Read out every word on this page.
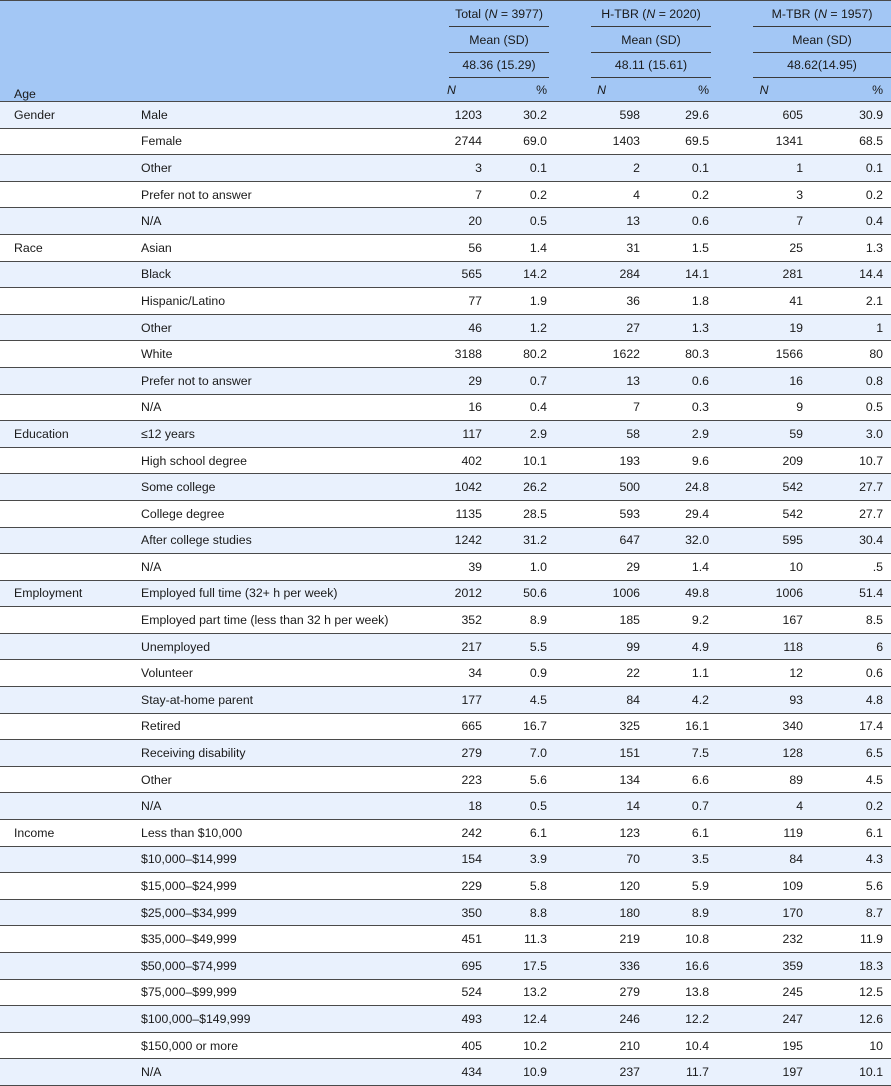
		Total (N = 3977)		H-TBR (N = 2020)		M-TBR (N = 1957)	

		Mean (SD)		Mean (SD)		Mean (SD)	

		48.36 (15.29)		48.11 (15.61)		48.62(14.95)	

Age		N	%	N	%	N	%
Gender	Male	1203	30.2	598	29.6	605	30.9
	Female	2744	69.0	1403	69.5	1341	68.5
	Other	3	0.1	2	0.1	1	0.1
	Prefer not to answer	7	0.2	4	0.2	3	0.2
	N/A	20	0.5	13	0.6	7	0.4
Race	Asian	56	1.4	31	1.5	25	1.3
	Black	565	14.2	284	14.1	281	14.4
	Hispanic/Latino	77	1.9	36	1.8	41	2.1
	Other	46	1.2	27	1.3	19	1
	White	3188	80.2	1622	80.3	1566	80
	Prefer not to answer	29	0.7	13	0.6	16	0.8
	N/A	16	0.4	7	0.3	9	0.5
Education	≤12 years	117	2.9	58	2.9	59	3.0
	High school degree	402	10.1	193	9.6	209	10.7
	Some college	1042	26.2	500	24.8	542	27.7
	College degree	1135	28.5	593	29.4	542	27.7
	After college studies	1242	31.2	647	32.0	595	30.4
	N/A	39	1.0	29	1.4	10	.5
Employment	Employed full time (32+ h per week)	2012	50.6	1006	49.8	1006	51.4
	Employed part time (less than 32 h per week)	352	8.9	185	9.2	167	8.5
	Unemployed	217	5.5	99	4.9	118	6
	Volunteer	34	0.9	22	1.1	12	0.6
	Stay-at-home parent	177	4.5	84	4.2	93	4.8
	Retired	665	16.7	325	16.1	340	17.4
	Receiving disability	279	7.0	151	7.5	128	6.5
	Other	223	5.6	134	6.6	89	4.5
	N/A	18	0.5	14	0.7	4	0.2
Income	Less than $10,000	242	6.1	123	6.1	119	6.1
	$10,000–$14,999	154	3.9	70	3.5	84	4.3
	$15,000–$24,999	229	5.8	120	5.9	109	5.6
	$25,000–$34,999	350	8.8	180	8.9	170	8.7
	$35,000–$49,999	451	11.3	219	10.8	232	11.9
	$50,000–$74,999	695	17.5	336	16.6	359	18.3
	$75,000–$99,999	524	13.2	279	13.8	245	12.5
	$100,000–$149,999	493	12.4	246	12.2	247	12.6
	$150,000 or more	405	10.2	210	10.4	195	10
	N/A	434	10.9	237	11.7	197	10.1
